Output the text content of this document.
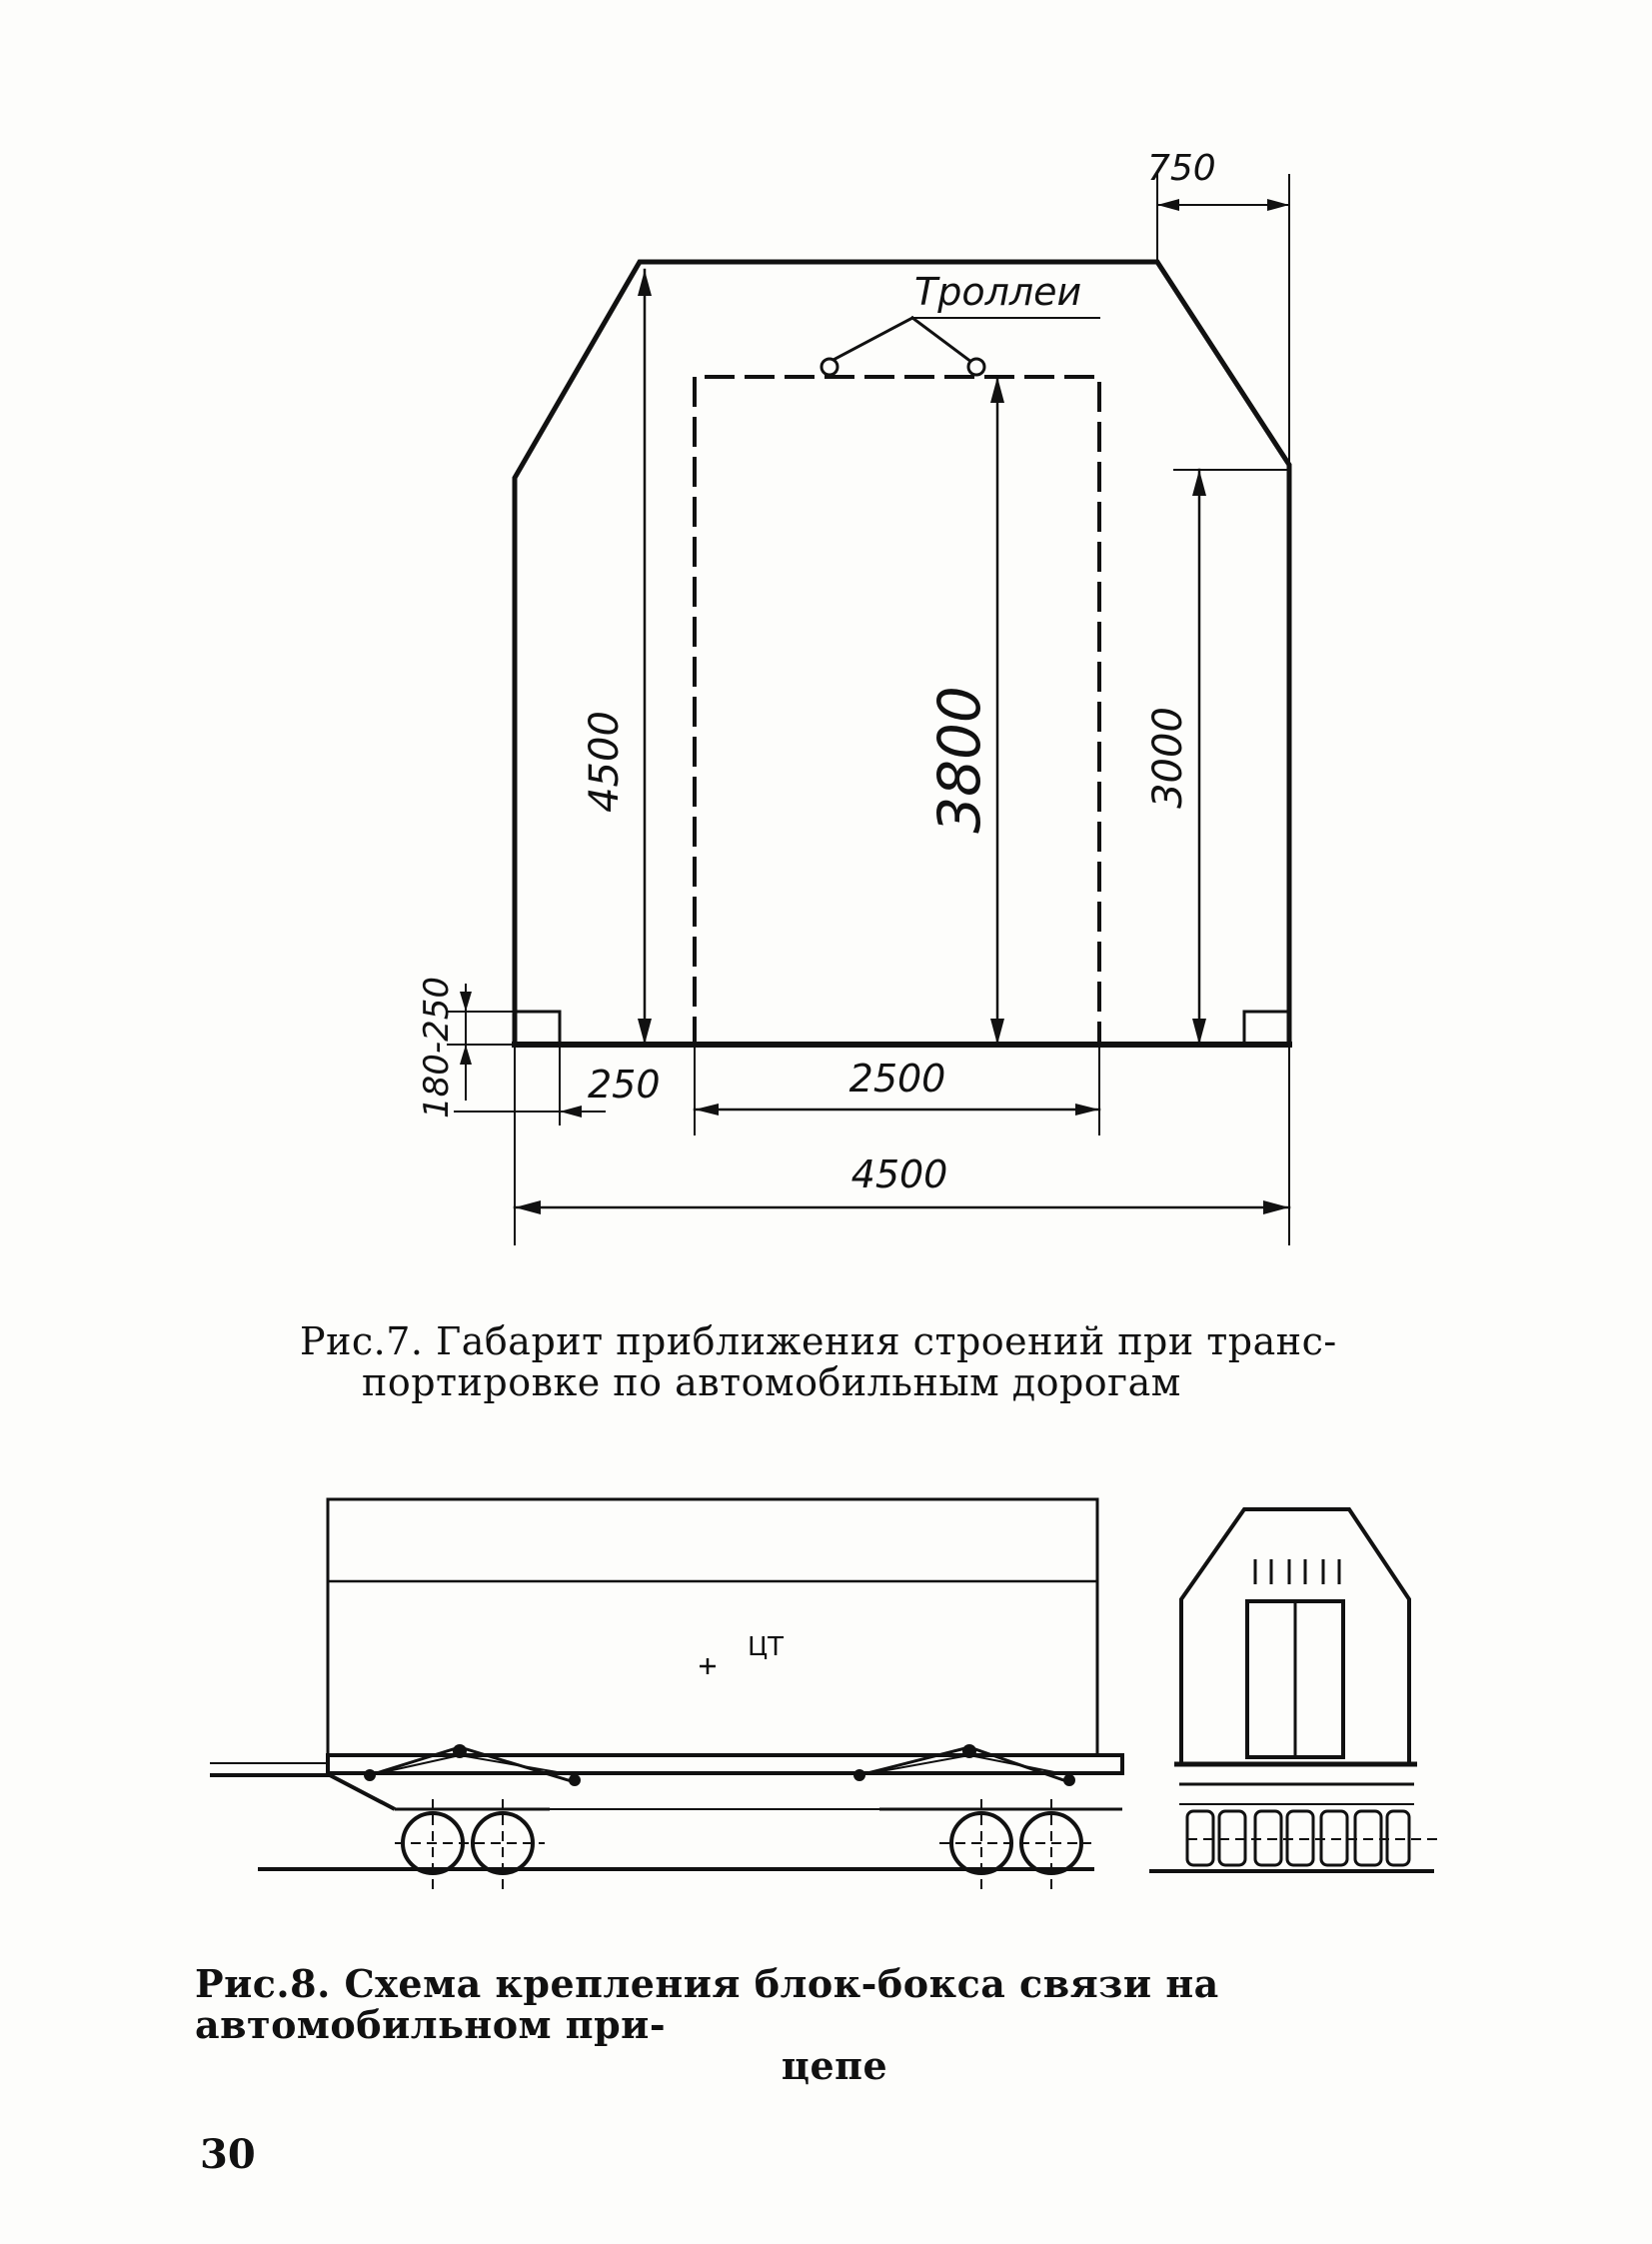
750
Троллеи
4500	3800	3000
180-250	250	2500
4500
ЦТ
Рис.7. Габарит приближения строений при транс-
портировке по автомобильным дорогам
Рис.8. Схема крепления блок-бокса связи на автомобильном при-
цепе
30
